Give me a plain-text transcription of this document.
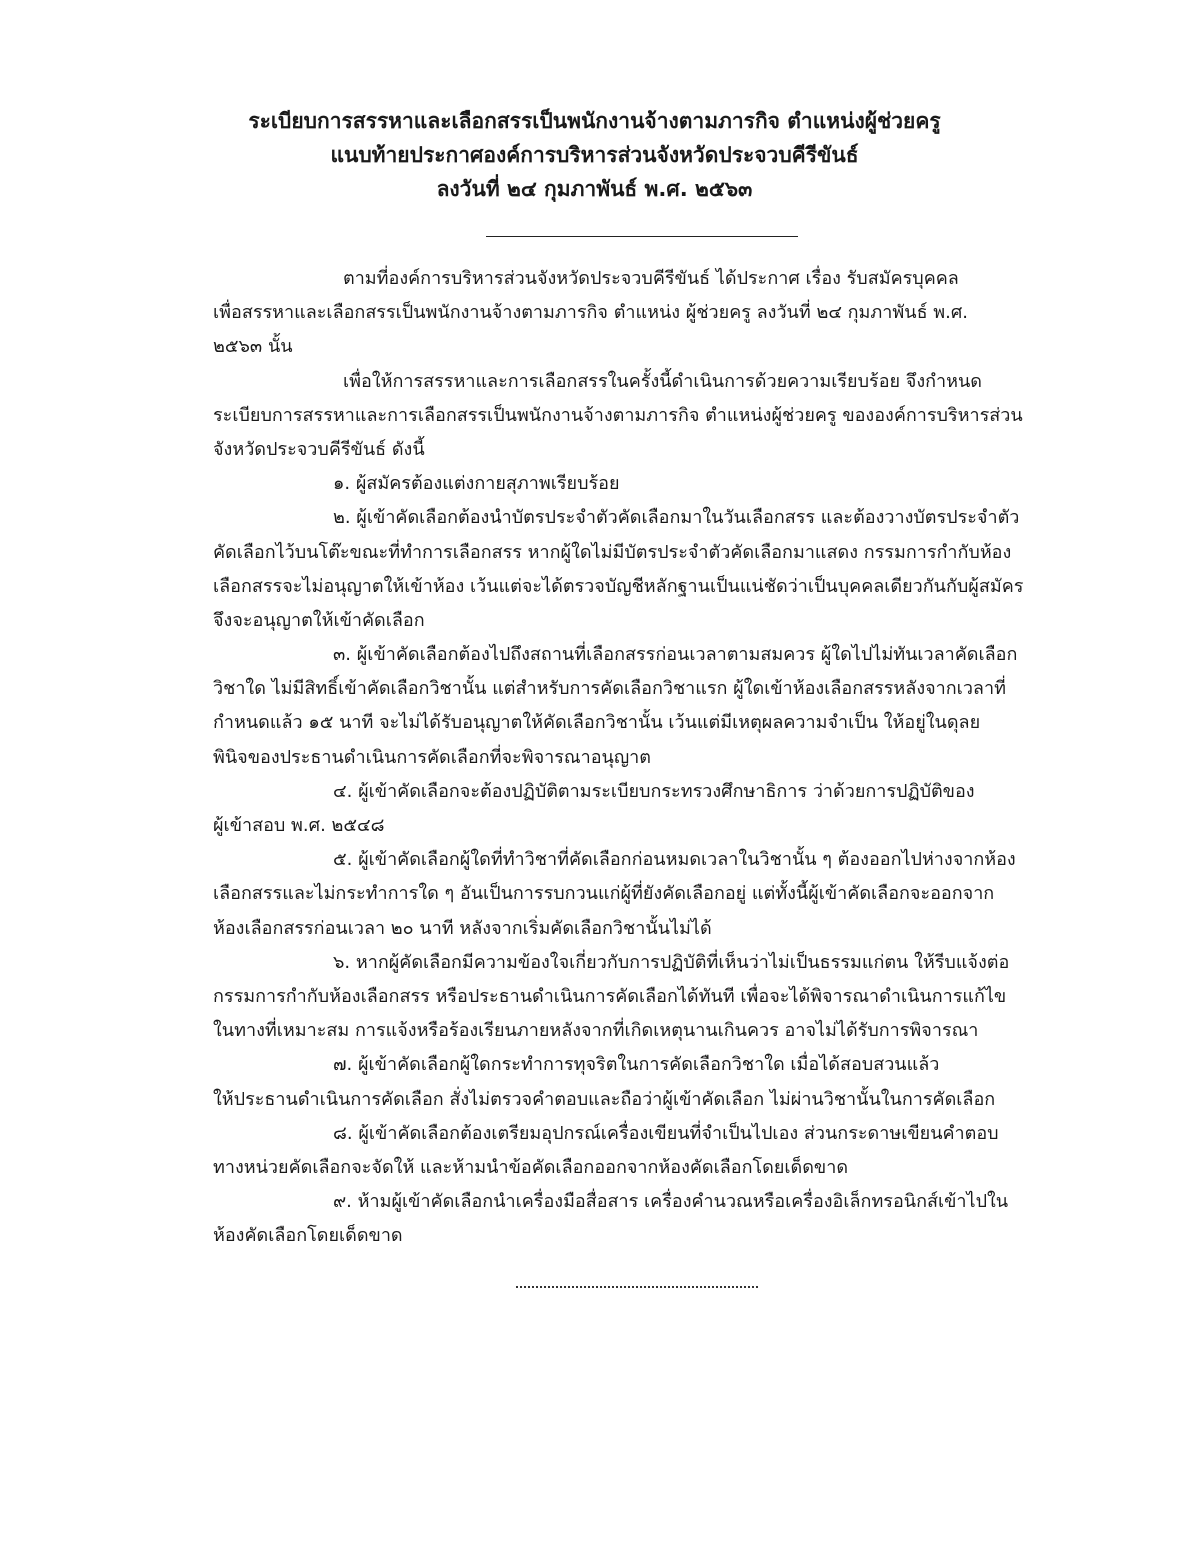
ระเบียบการสรรหาและเลือกสรรเป็นพนักงานจ้างตามภารกิจ ตำแหน่งผู้ช่วยครู
แนบท้ายประกาศองค์การบริหารส่วนจังหวัดประจวบคีรีขันธ์
ลงวันที่ ๒๔ กุมภาพันธ์ พ.ศ. ๒๕๖๓
ตามที่องค์การบริหารส่วนจังหวัดประจวบคีรีขันธ์ ได้ประกาศ เรื่อง รับสมัครบุคคล
เพื่อสรรหาและเลือกสรรเป็นพนักงานจ้างตามภารกิจ ตำแหน่ง ผู้ช่วยครู ลงวันที่ ๒๔ กุมภาพันธ์ พ.ศ.
๒๕๖๓ นั้น
เพื่อให้การสรรหาและการเลือกสรรในครั้งนี้ดำเนินการด้วยความเรียบร้อย จึงกำหนด
ระเบียบการสรรหาและการเลือกสรรเป็นพนักงานจ้างตามภารกิจ ตำแหน่งผู้ช่วยครู ขององค์การบริหารส่วน
จังหวัดประจวบคีรีขันธ์ ดังนี้
๑. ผู้สมัครต้องแต่งกายสุภาพเรียบร้อย
๒. ผู้เข้าคัดเลือกต้องนำบัตรประจำตัวคัดเลือกมาในวันเลือกสรร และต้องวางบัตรประจำตัว
คัดเลือกไว้บนโต๊ะขณะที่ทำการเลือกสรร หากผู้ใดไม่มีบัตรประจำตัวคัดเลือกมาแสดง กรรมการกำกับห้อง
เลือกสรรจะไม่อนุญาตให้เข้าห้อง เว้นแต่จะได้ตรวจบัญชีหลักฐานเป็นแน่ชัดว่าเป็นบุคคลเดียวกันกับผู้สมัคร
จึงจะอนุญาตให้เข้าคัดเลือก
๓. ผู้เข้าคัดเลือกต้องไปถึงสถานที่เลือกสรรก่อนเวลาตามสมควร ผู้ใดไปไม่ทันเวลาคัดเลือก
วิชาใด ไม่มีสิทธิ์เข้าคัดเลือกวิชานั้น แต่สำหรับการคัดเลือกวิชาแรก ผู้ใดเข้าห้องเลือกสรรหลังจากเวลาที่
กำหนดแล้ว ๑๕ นาที จะไม่ได้รับอนุญาตให้คัดเลือกวิชานั้น เว้นแต่มีเหตุผลความจำเป็น ให้อยู่ในดุลย
พินิจของประธานดำเนินการคัดเลือกที่จะพิจารณาอนุญาต
๔. ผู้เข้าคัดเลือกจะต้องปฏิบัติตามระเบียบกระทรวงศึกษาธิการ ว่าด้วยการปฏิบัติของ
ผู้เข้าสอบ พ.ศ. ๒๕๔๘
๕. ผู้เข้าคัดเลือกผู้ใดที่ทำวิชาที่คัดเลือกก่อนหมดเวลาในวิชานั้น ๆ ต้องออกไปห่างจากห้อง
เลือกสรรและไม่กระทำการใด ๆ อันเป็นการรบกวนแก่ผู้ที่ยังคัดเลือกอยู่ แต่ทั้งนี้ผู้เข้าคัดเลือกจะออกจาก
ห้องเลือกสรรก่อนเวลา ๒๐ นาที หลังจากเริ่มคัดเลือกวิชานั้นไม่ได้
๖. หากผู้คัดเลือกมีความข้องใจเกี่ยวกับการปฏิบัติที่เห็นว่าไม่เป็นธรรมแก่ตน ให้รีบแจ้งต่อ
กรรมการกำกับห้องเลือกสรร หรือประธานดำเนินการคัดเลือกได้ทันที เพื่อจะได้พิจารณาดำเนินการแก้ไข
ในทางที่เหมาะสม การแจ้งหรือร้องเรียนภายหลังจากที่เกิดเหตุนานเกินควร อาจไม่ได้รับการพิจารณา
๗. ผู้เข้าคัดเลือกผู้ใดกระทำการทุจริตในการคัดเลือกวิชาใด เมื่อได้สอบสวนแล้ว
ให้ประธานดำเนินการคัดเลือก สั่งไม่ตรวจคำตอบและถือว่าผู้เข้าคัดเลือก ไม่ผ่านวิชานั้นในการคัดเลือก
๘. ผู้เข้าคัดเลือกต้องเตรียมอุปกรณ์เครื่องเขียนที่จำเป็นไปเอง ส่วนกระดาษเขียนคำตอบ
ทางหน่วยคัดเลือกจะจัดให้ และห้ามนำข้อคัดเลือกออกจากห้องคัดเลือกโดยเด็ดขาด
๙. ห้ามผู้เข้าคัดเลือกนำเครื่องมือสื่อสาร เครื่องคำนวณหรือเครื่องอิเล็กทรอนิกส์เข้าไปใน
ห้องคัดเลือกโดยเด็ดขาด
